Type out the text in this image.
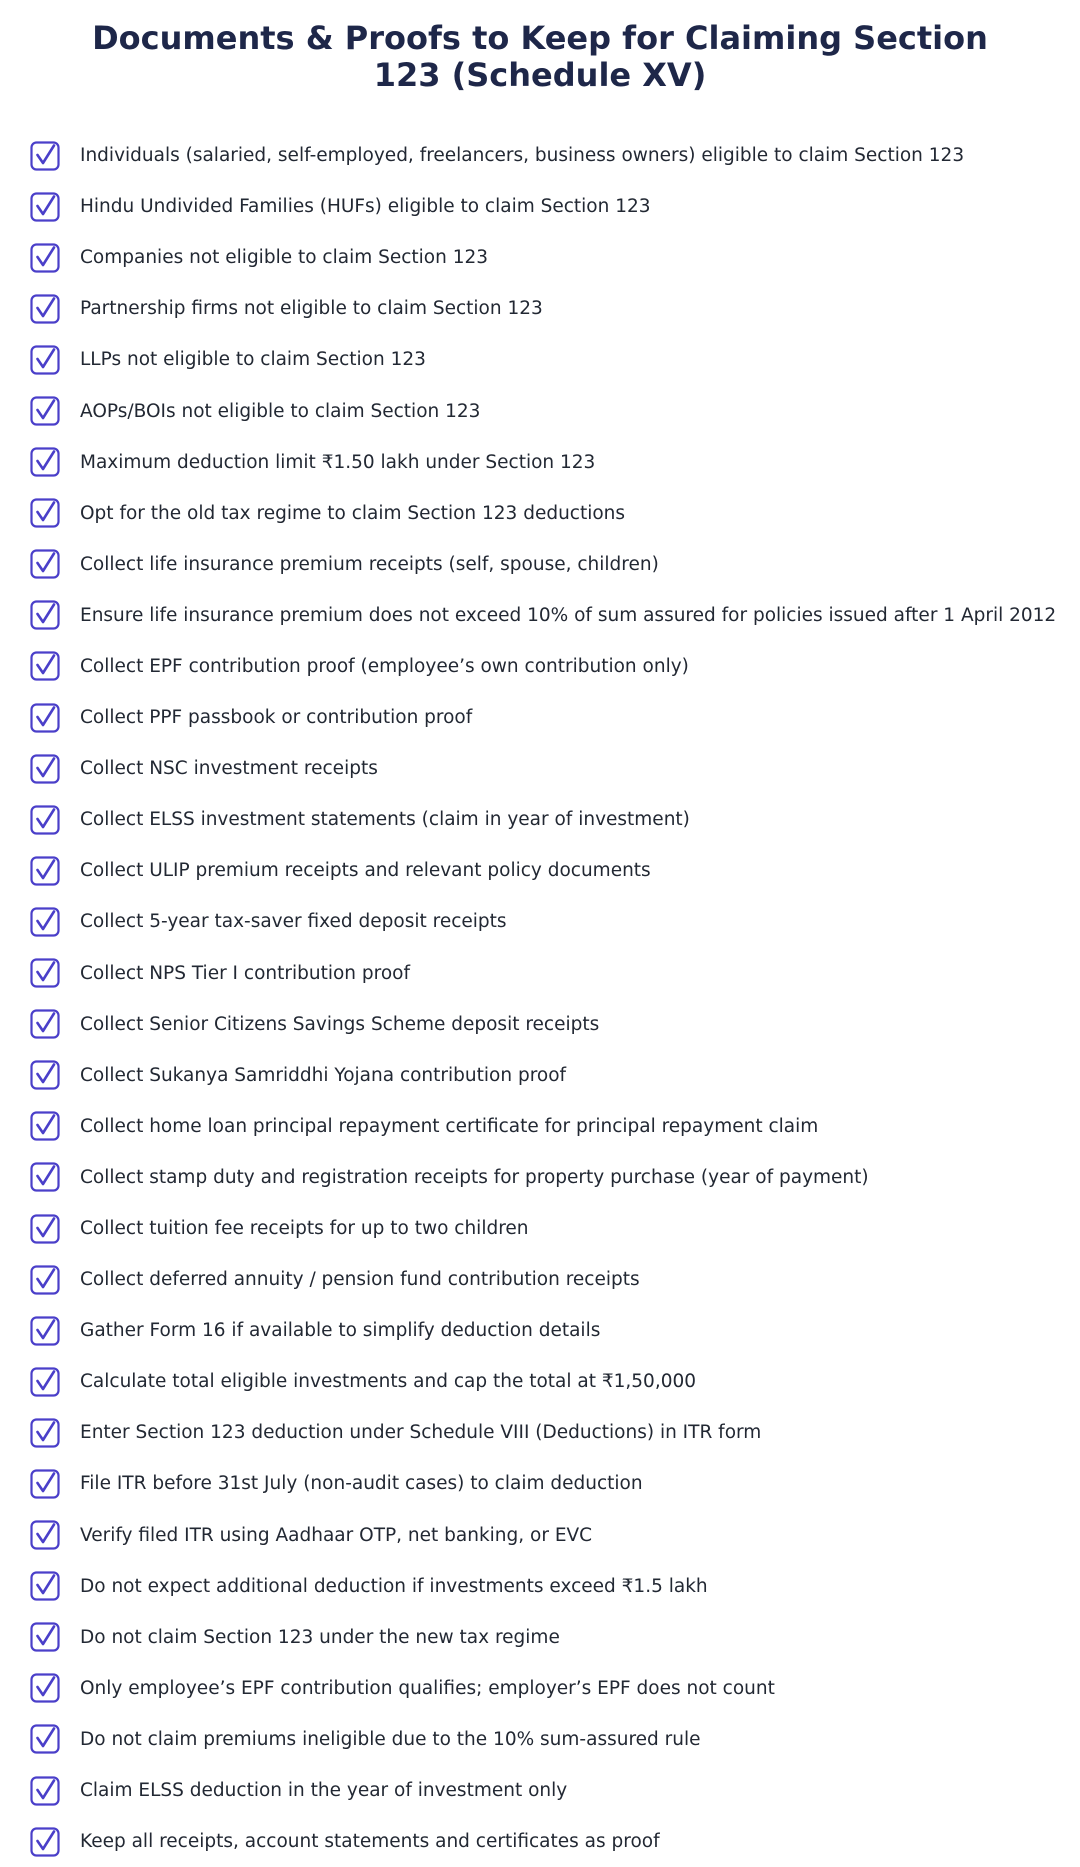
Documents & Proofs to Keep for Claiming Section
123 (Schedule XV)
Individuals (salaried, self-employed, freelancers, business owners) eligible to claim Section 123
Hindu Undivided Families (HUFs) eligible to claim Section 123
Companies not eligible to claim Section 123
Partnership firms not eligible to claim Section 123
LLPs not eligible to claim Section 123
AOPs/BOIs not eligible to claim Section 123
Maximum deduction limit ₹1.50 lakh under Section 123
Opt for the old tax regime to claim Section 123 deductions
Collect life insurance premium receipts (self, spouse, children)
Ensure life insurance premium does not exceed 10% of sum assured for policies issued after 1 April 2012
Collect EPF contribution proof (employee’s own contribution only)
Collect PPF passbook or contribution proof
Collect NSC investment receipts
Collect ELSS investment statements (claim in year of investment)
Collect ULIP premium receipts and relevant policy documents
Collect 5-year tax-saver fixed deposit receipts
Collect NPS Tier I contribution proof
Collect Senior Citizens Savings Scheme deposit receipts
Collect Sukanya Samriddhi Yojana contribution proof
Collect home loan principal repayment certificate for principal repayment claim
Collect stamp duty and registration receipts for property purchase (year of payment)
Collect tuition fee receipts for up to two children
Collect deferred annuity / pension fund contribution receipts
Gather Form 16 if available to simplify deduction details
Calculate total eligible investments and cap the total at ₹1,50,000
Enter Section 123 deduction under Schedule VIII (Deductions) in ITR form
File ITR before 31st July (non-audit cases) to claim deduction
Verify filed ITR using Aadhaar OTP, net banking, or EVC
Do not expect additional deduction if investments exceed ₹1.5 lakh
Do not claim Section 123 under the new tax regime
Only employee’s EPF contribution qualifies; employer’s EPF does not count
Do not claim premiums ineligible due to the 10% sum-assured rule
Claim ELSS deduction in the year of investment only
Keep all receipts, account statements and certificates as proof
